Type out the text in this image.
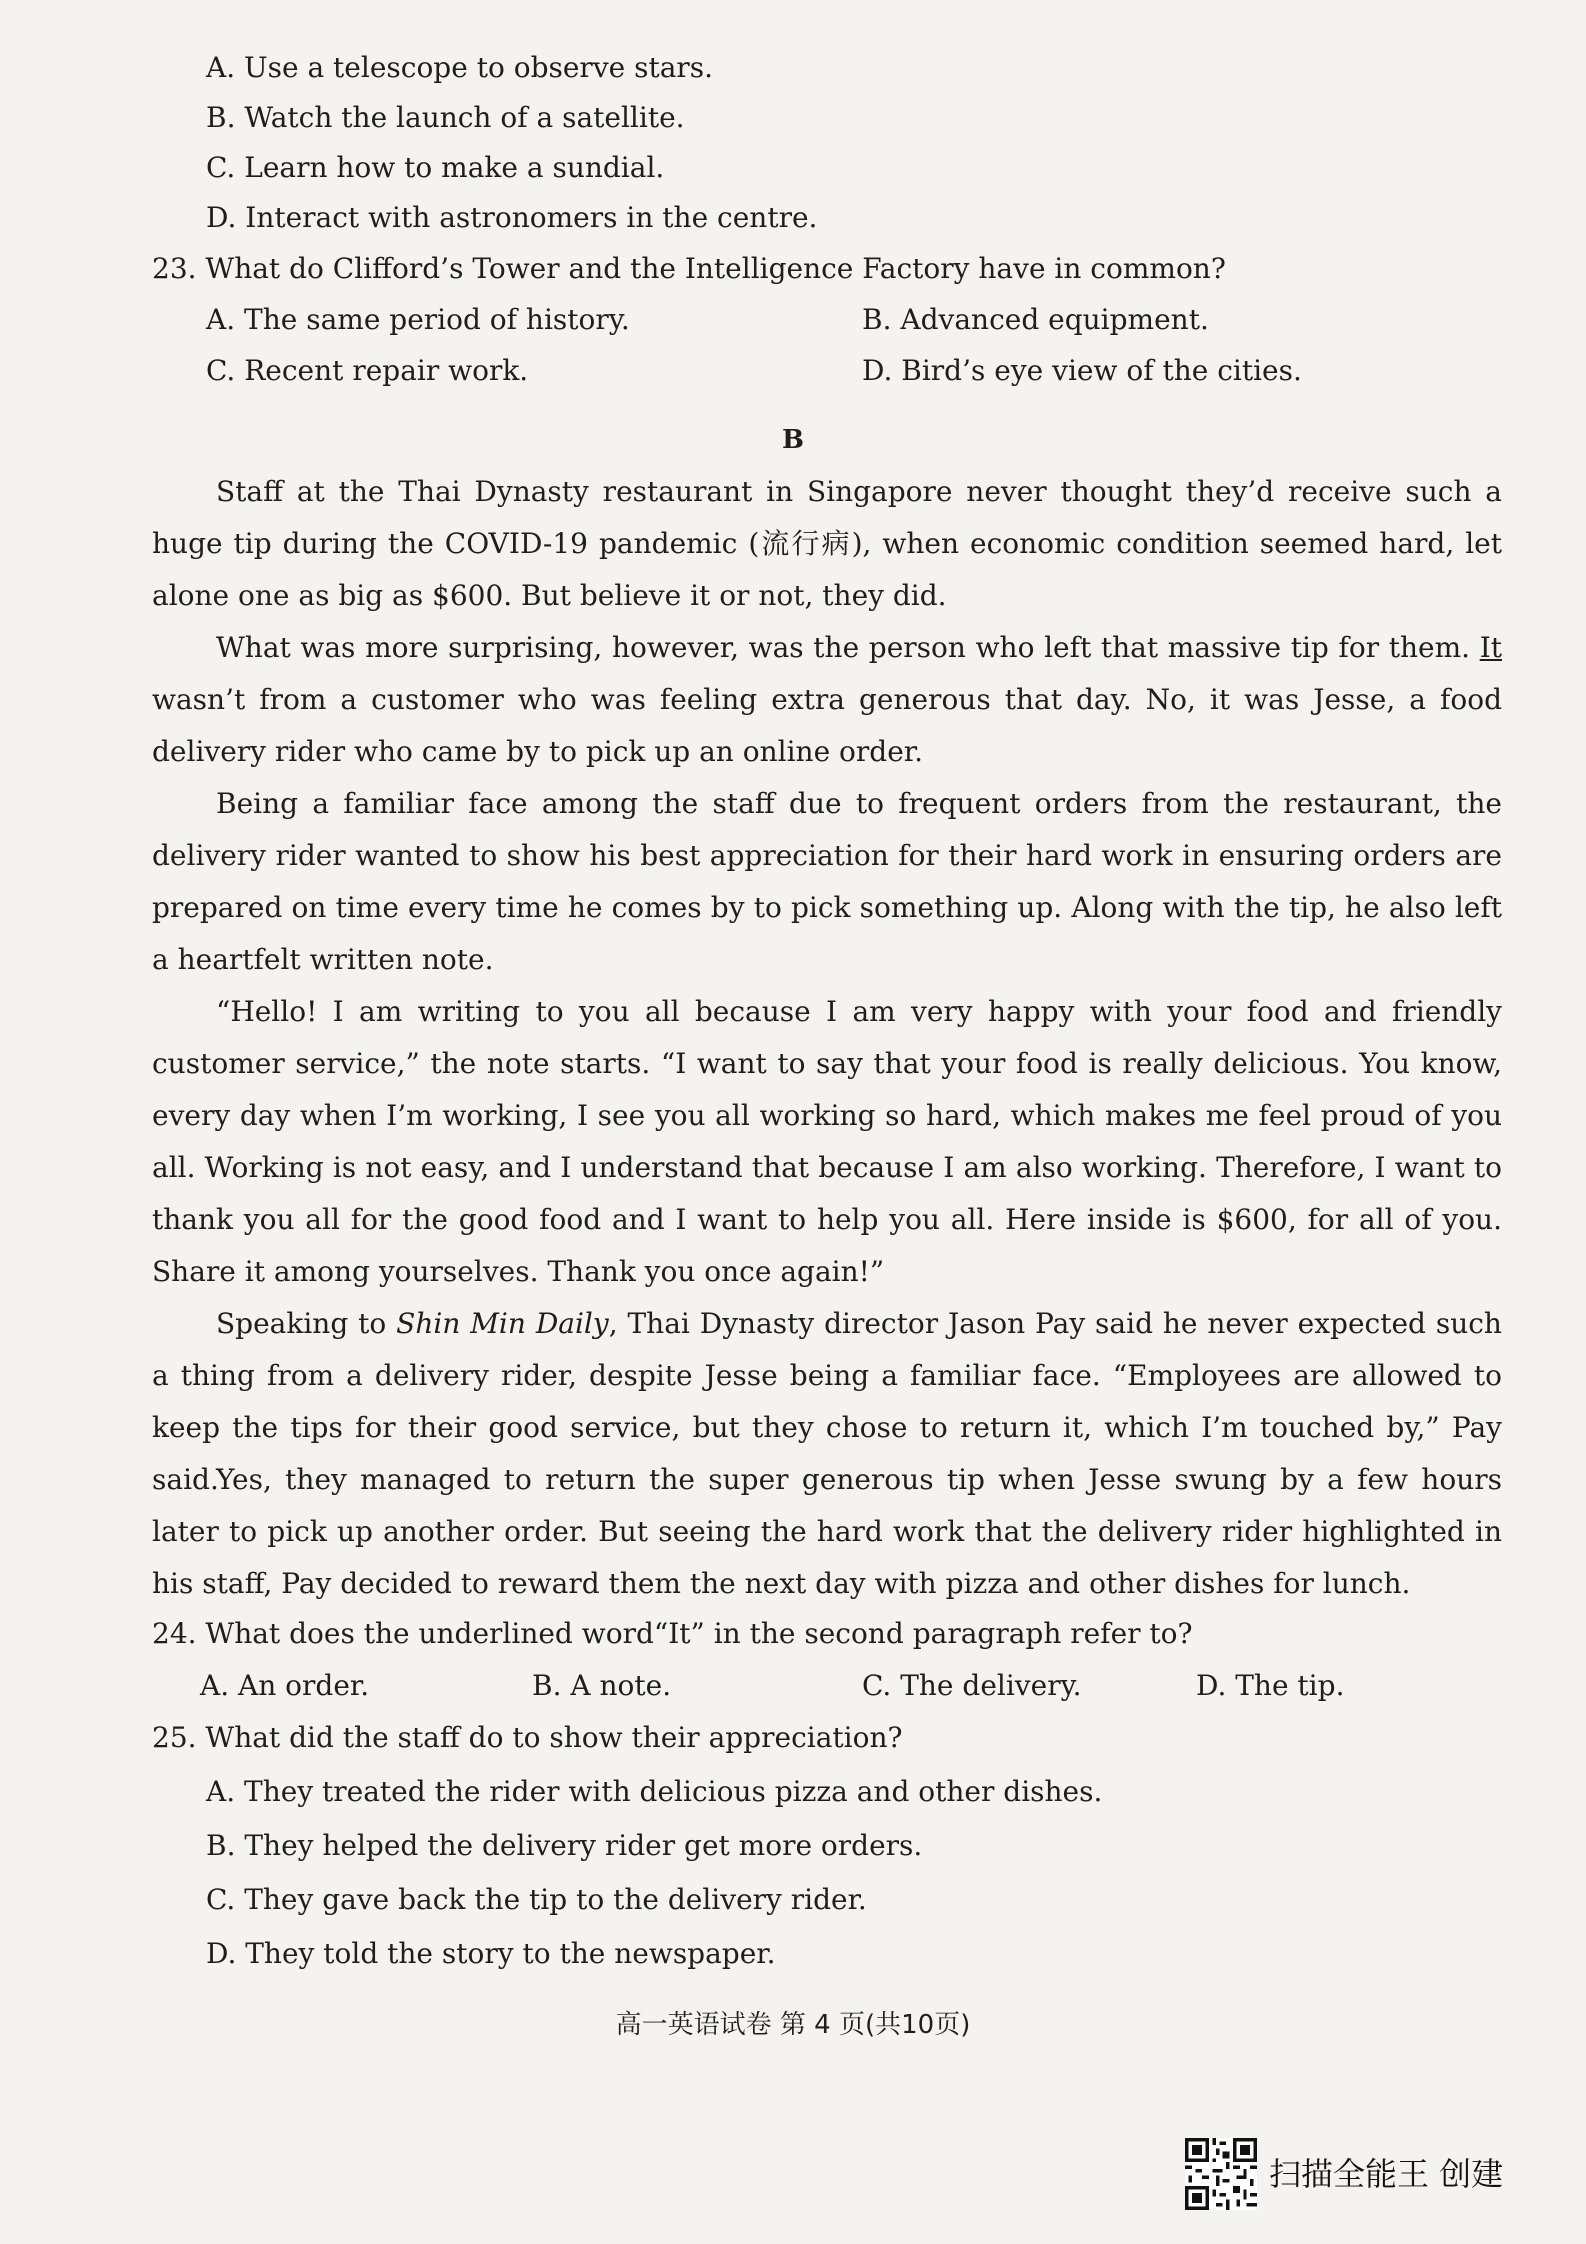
A. Use a telescope to observe stars.
B. Watch the launch of a satellite.
C. Learn how to make a sundial.
D. Interact with astronomers in the centre.
23. What do Clifford’s Tower and the Intelligence Factory have in common?
A. The same period of history.	B. Advanced equipment.
C. Recent repair work.	D. Bird’s eye view of the cities.
B
Staff at the Thai Dynasty restaurant in Singapore never thought they’d receive such a huge tip during the COVID-19 pandemic (流行病), when economic condition seemed hard, let alone one as big as $600. But believe it or not, they did.
What was more surprising, however, was the person who left that massive tip for them. It wasn’t from a customer who was feeling extra generous that day. No, it was Jesse, a food delivery rider who came by to pick up an online order.
Being a familiar face among the staff due to frequent orders from the restaurant, the delivery rider wanted to show his best appreciation for their hard work in ensuring orders are prepared on time every time he comes by to pick something up. Along with the tip, he also left a heartfelt written note.
“Hello! I am writing to you all because I am very happy with your food and friendly customer service,” the note starts. “I want to say that your food is really delicious. You know, every day when I’m working, I see you all working so hard, which makes me feel proud of you all. Working is not easy, and I understand that because I am also working. Therefore, I want to thank you all for the good food and I want to help you all. Here inside is $600, for all of you. Share it among yourselves. Thank you once again!”
Speaking to Shin Min Daily, Thai Dynasty director Jason Pay said he never expected such a thing from a delivery rider, despite Jesse being a familiar face. “Employees are allowed to keep the tips for their good service, but they chose to return it, which I’m touched by,” Pay said.
Yes, they managed to return the super generous tip when Jesse swung by a few hours later to pick up another order. But seeing the hard work that the delivery rider highlighted in his staff, Pay decided to reward them the next day with pizza and other dishes for lunch.
24. What does the underlined word“It” in the second paragraph refer to?
A. An order.	B. A note.	C. The delivery.	D. The tip.
25. What did the staff do to show their appreciation?
A. They treated the rider with delicious pizza and other dishes.
B. They helped the delivery rider get more orders.
C. They gave back the tip to the delivery rider.
D. They told the story to the newspaper.
高一英语试卷 第 4 页(共10页)
扫描全能王 创建
